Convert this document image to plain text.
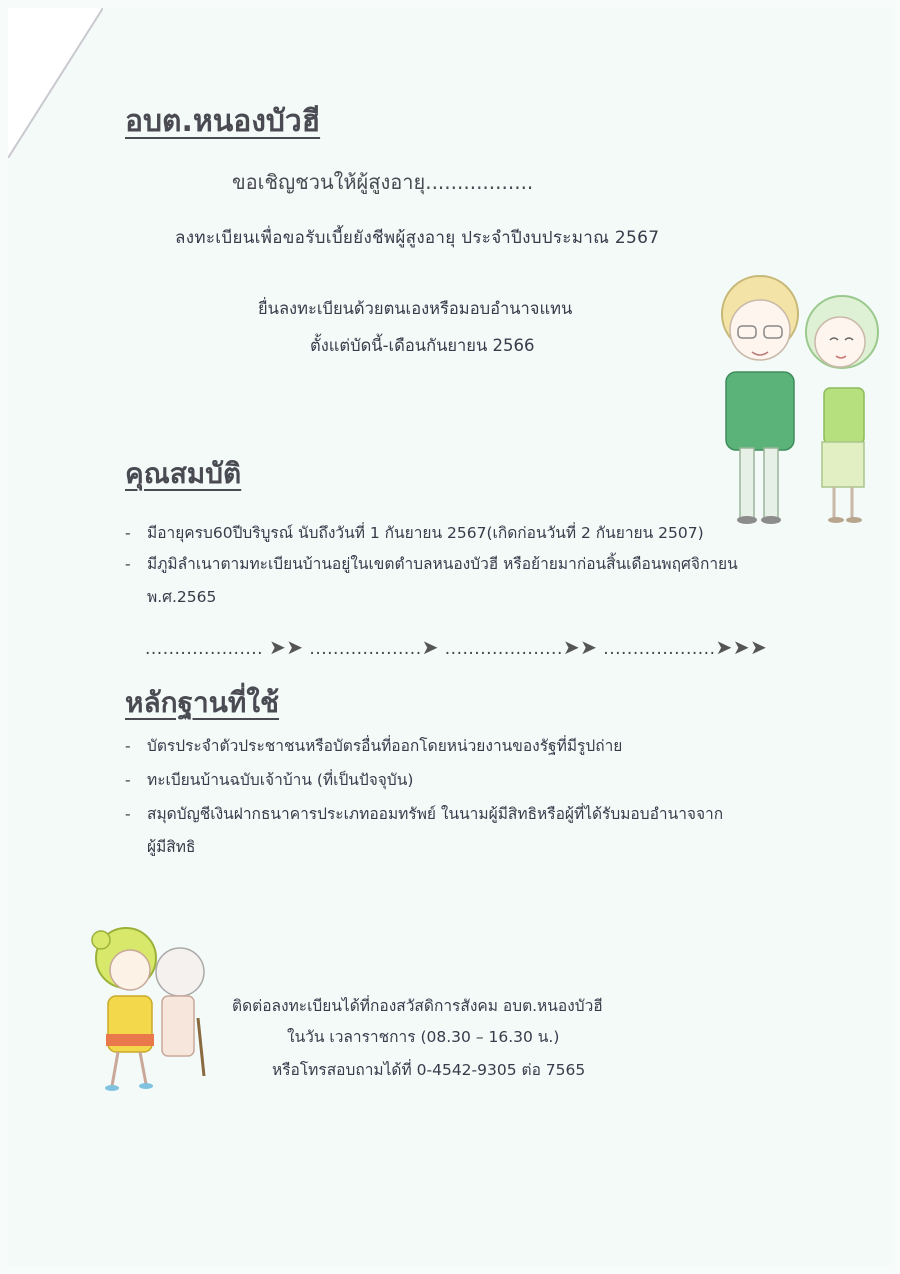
อบต.หนองบัวฮี

ขอเชิญชวนให้ผู้สูงอายุ.................

ลงทะเบียนเพื่อขอรับเบี้ยยังชีพผู้สูงอายุ ประจำปีงบประมาณ 2567

ยื่นลงทะเบียนด้วยตนเองหรือมอบอำนาจแทน

ตั้งแต่บัดนี้-เดือนกันยายน 2566

คุณสมบัติ
- มีอายุครบ60ปีบริบูรณ์ นับถึงวันที่ 1 กันยายน 2567(เกิดก่อนวันที่ 2 กันยายน 2507)
- มีภูมิลำเนาตามทะเบียนบ้านอยู่ในเขตตำบลหนองบัวฮี หรือย้ายมาก่อนสิ้นเดือนพฤศจิกายน
พ.ศ.2565
.................... ➤➤ ...................➤ ....................➤➤ ...................➤➤➤
หลักฐานที่ใช้
- บัตรประจำตัวประชาชนหรือบัตรอื่นที่ออกโดยหน่วยงานของรัฐที่มีรูปถ่าย
- ทะเบียนบ้านฉบับเจ้าบ้าน (ที่เป็นปัจจุบัน)
- สมุดบัญชีเงินฝากธนาคารประเภทออมทรัพย์ ในนามผู้มีสิทธิหรือผู้ที่ได้รับมอบอำนาจจาก
ผู้มีสิทธิ

ติดต่อลงทะเบียนได้ที่กองสวัสดิการสังคม อบต.หนองบัวฮี

ในวัน เวลาราชการ (08.30 – 16.30 น.)

หรือโทรสอบถามได้ที่ 0-4542-9305 ต่อ 7565
